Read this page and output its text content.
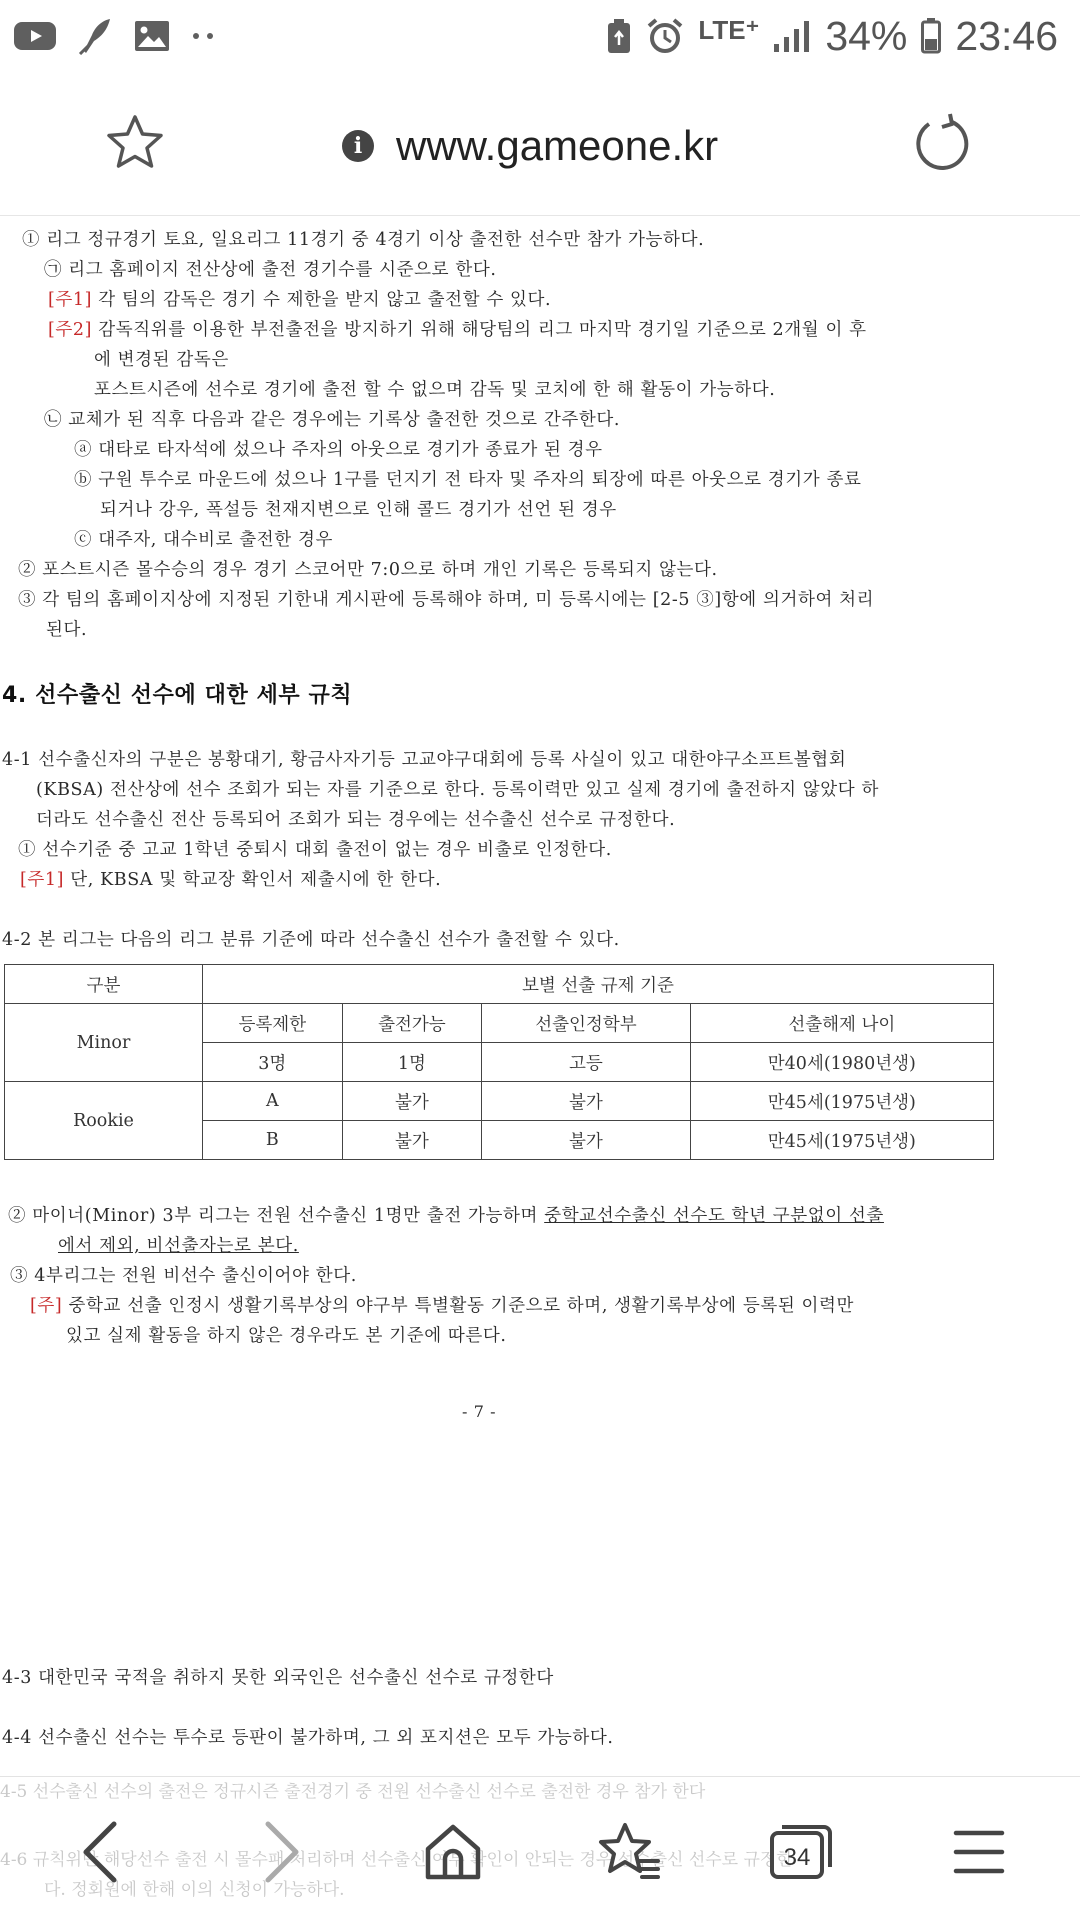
LTE⁺ 34% 23:46
i www.gameone.kr
① 리그 정규경기 토요, 일요리그 11경기 중 4경기 이상 출전한 선수만 참가 가능하다.
㉠ 리그 홈페이지 전산상에 출전 경기수를 시준으로 한다.
[주1] 각 팀의 감독은 경기 수 제한을 받지 않고 출전할 수 있다.
[주2] 감독직위를 이용한 부전출전을 방지하기 위해 해당팀의 리그 마지막 경기일 기준으로 2개월 이 후
에 변경된 감독은
포스트시즌에 선수로 경기에 출전 할 수 없으며 감독 및 코치에 한 해 활동이 가능하다.
㉡ 교체가 된 직후 다음과 같은 경우에는 기록상 출전한 것으로 간주한다.
ⓐ 대타로 타자석에 섰으나 주자의 아웃으로 경기가 종료가 된 경우
ⓑ 구원 투수로 마운드에 섰으나 1구를 던지기 전 타자 및 주자의 퇴장에 따른 아웃으로 경기가 종료
되거나 강우, 폭설등 천재지변으로 인해 콜드 경기가 선언 된 경우
ⓒ 대주자, 대수비로 출전한 경우
② 포스트시즌 몰수승의 경우 경기 스코어만 7:0으로 하며 개인 기록은 등록되지 않는다.
③ 각 팀의 홈페이지상에 지정된 기한내 게시판에 등록해야 하며, 미 등록시에는 [2-5 ③]항에 의거하여 처리
된다.
4. 선수출신 선수에 대한 세부 규칙
4-1 선수출신자의 구분은 봉황대기, 황금사자기등 고교야구대회에 등록 사실이 있고 대한야구소프트볼협회
(KBSA) 전산상에 선수 조회가 되는 자를 기준으로 한다. 등록이력만 있고 실제 경기에 출전하지 않았다 하
더라도 선수출신 전산 등록되어 조회가 되는 경우에는 선수출신 선수로 규정한다.
① 선수기준 중 고교 1학년 중퇴시 대회 출전이 없는 경우 비출로 인정한다.
[주1] 단, KBSA 및 학교장 확인서 제출시에 한 한다.
4-2 본 리그는 다음의 리그 분류 기준에 따라 선수출신 선수가 출전할 수 있다.
구분	보별 선출 규제 기준			
Minor	등록제한	출전가능	선출인정학부	선출해제 나이
	3명	1명	고등	만40세(1980년생)
Rookie	A	불가	불가	만45세(1975년생)
	B	불가	불가	만45세(1975년생)
② 마이너(Minor) 3부 리그는 전원 선수출신 1명만 출전 가능하며 중학교선수출신 선수도 학년 구분없이 선출
에서 제외, 비선출자는로 본다.
③ 4부리그는 전원 비선수 출신이어야 한다.
[주] 중학교 선출 인정시 생활기록부상의 야구부 특별활동 기준으로 하며, 생활기록부상에 등록된 이력만
있고 실제 활동을 하지 않은 경우라도 본 기준에 따른다.
- 7 -
4-3 대한민국 국적을 취하지 못한 외국인은 선수출신 선수로 규정한다
4-4 선수출신 선수는 투수로 등판이 불가하며, 그 외 포지션은 모두 가능하다.
4-5 선수출신 선수의 출전은 정규시즌 출전경기 중 전원 선수출신 선수로 출전한 경우 참가 한다
4-6 규칙위반 해당선수 출전 시 몰수패 처리하며 선수출신 여부 확인이 안되는 경우 선수출신 선수로 규정한
다. 정회원에 한해 이의 신청이 가능하다.
34
